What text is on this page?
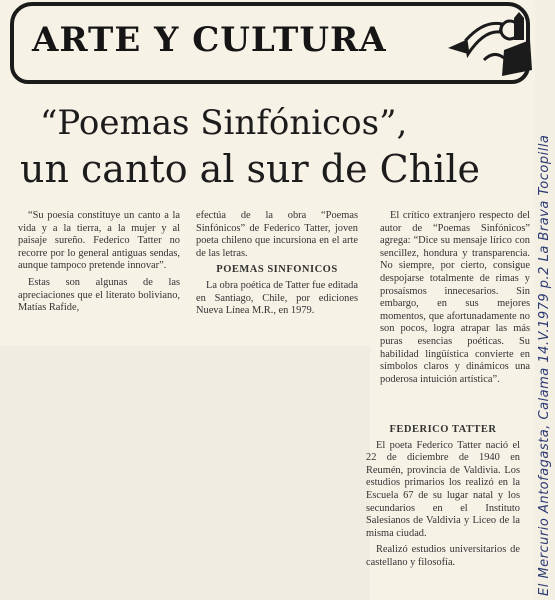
ARTE Y CULTURA
“Poemas Sinfónicos”,
un canto al sur de Chile

“Su poesía constituye un canto a la vida y a la tierra, a la mujer y al paisaje sureño. Federico Tatter no recorre por lo general antiguas sendas, aunque tampoco pretende innovar”.

Estas son algunas de las apreciaciones que el literato boliviano, Matías Rafide,

efectúa de la obra “Poemas Sinfónicos” de Federico Tatter, joven poeta chileno que incursiona en el arte de las letras.

POEMAS SINFONICOS

La obra poética de Tatter fue editada en Santiago, Chile, por ediciones Nueva Línea M.R., en 1979.

El crítico extranjero respecto del autor de “Poemas Sinfónicos” agrega: “Dice su mensaje lírico con sencillez, hondura y transparencia. No siempre, por cierto, consigue despojarse totalmente de rimas y prosaísmos innecesarios. Sin embargo, en sus mejores momentos, que afortunadamente no son pocos, logra atrapar las más puras esencias poéticas. Su habilidad lingüística convierte en símbolos claros y dinámicos una poderosa intuición artística”.

FEDERICO TATTER

El poeta Federico Tatter nació el 22 de diciembre de 1940 en Reumén, provincia de Valdivia. Los estudios primarios los realizó en la Escuela 67 de su lugar natal y los secundarios en el Instituto Salesianos de Valdivia y Liceo de la misma ciudad.

Realizó estudios universitarios de castellano y filosofía.	El Mercurio Antofagasta, Calama 14.V.1979 p.2 La Brava Tocopilla
